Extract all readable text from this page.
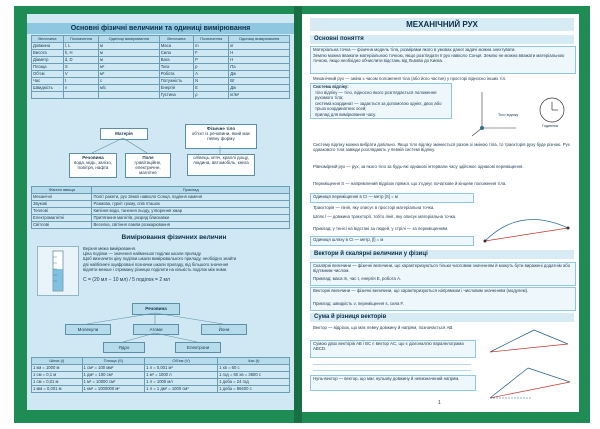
Основні фізичні величини та одиниці вимірювання
Величина	Позначення	Одиниці вимірювання	Величина	Позначення	Одиниці вимірювання
Довжина	l, L	м	Маса	m	кг
Висота	h, H	м	Сила	F	Н
Діаметр	d, D	м	Вага	P	Н
Площа	S	м²	Тиск	p	Па
Об'єм	V	м³	Робота	A	Дж
Час	t	с	Потужність	N	Вт
Швидкість	v	м/с	Енергія	E	Дж
			Густина	ρ	кг/м³
Матерія
Речовина
вода, мідь, залізо, повітря, нафта
Поле
гравітаційне, електричне, магнітне
Фізичне тіло
об'єкт із речовини, який має певну форму
олівець, м'яч, краплі дощу, людина, автомобіль, книга
Фізичні явища	Приклад
Механічні	Політ ракети, рух Землі навколо Сонця, падіння каменя
Звукові	Розмова, гуркіт грому, спів пташок
Теплові	Кипіння води, танення льоду, утворення хмар
Електромагнітні	Притягання магнітів, розряд блискавки
Світлові	Веселка, світіння лампи розжарювання
Вимірювання фізичних величин
Верхня межа вимірювання.
Ціна поділки — значення найменшої поділки шкали приладу.
Щоб визначити ціну поділки шкали вимірювального приладу, необхідно знайти
дві найближчі оцифровані позначки шкали приладу, від більшого значення
відняти менше і отриману різницю поділити на кількість поділок між ними.
С = (20 мл − 10 мл) / 5 поділок = 2 мл
Речовина
Молекули	Атоми	Йони
Ядро	Електрони
Шлях (l)	Площа (S)	Об'єм (V)	Час (t)
1 км = 1000 м	1 см² = 100 мм²	1 л = 0,001 м³	1 хв = 60 с
1 см = 0,1 м	1 дм² = 100 см²	1 м³ = 1000 л	1 год = 60 хв = 3600 с
1 см = 0,01 м	1 м² = 10000 см²	1 л = 1000 мл	1 доба = 24 год
1 мм = 0,001 м	1 км² = 1000000 м²	1 л = 1 дм³ = 1000 см³	1 доба = 86400 с
МЕХАНІЧНИЙ РУХ
Основні поняття
Матеріальна точка — фізична модель тіла, розмірами якого в умовах даної задачі можна знехтувати.
Землю можна вважати матеріальною точкою, якщо розглядати її рух навколо Сонця. Землю не можна вважати матеріальною точкою, якщо необхідно обчислити відстань від Львова до Києва.
Механічний рух — зміна з часом положення тіла (або його частин) у просторі відносно інших тіл.
Система відліку:
тіло відліку — тіло, відносно якого розглядається положення рухомого тіла;
система координат — задається за допомогою однієї, двох або трьох координатних осей;
прилад для вимірювання часу.	Тіло відліку
Годинник
Систему відліку можна вибрати довільно. Якщо тіло відліку змінюється разом зі зміною тіла, то траєкторія руху буде різною. Рух однакового тіла завжди розглядають у певній системі відліку.
Рівномірний рух — рух, за якого тіло за будь-які однакові інтервали часу здійснює однакові переміщення.
Переміщення S — напрямлений відрізок прямої, що з'єднує початкове й кінцеве положення тіла.
Одиниця переміщення в СІ — метр [S] = м
Траєкторія — лінія, яку описує в просторі матеріальна точка.
Шлях l — довжина траєкторії, тобто лінії, яку описує матеріальна точка.
Приклад: у тенісі на відстані за людей, у стрілі — за переміщенням.
Одиниця шляху в СІ — метр, [l] = м
Вектори й скалярні величини у фізиці
Скалярні величини — фізичні величини, що характеризуються тільки числовим значенням й можуть бути виражені додатнім або від'ємним числом.
Приклад: маса m, час t, енергія E, робота A.
Векторні величини — фізичні величини, що характеризуються напрямком і числовим значенням (модулем).
Приклад: швидкість v, переміщення s, сила F.
Сума й різниця векторів
Вектор — відрізок, що має певну довжину й напрям, позначається AB.
Сумою двох векторів AB і BC є вектор AC, що є діагоналлю паралелограма ABCD.
Нуль-вектор — вектор, що має нульову довжину й невизначений напрям.
1
